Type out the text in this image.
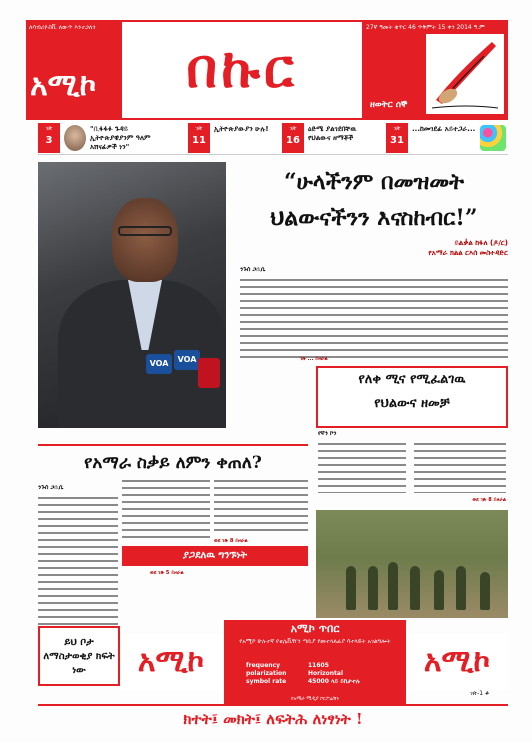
ለሳብሪዮስቪ ለውጥ እንተጋለን
አሚኮ	በኩር
27ኛ ዓመት ቁጥር 46 ጥቅምት 15 ቀን 2014 ዓ.ም
ዘወትር ሰኞ
ገጽ
3
"ቢፋፋፉ ጉዳይ ኢትዮጵያዊያንም ዓለም አሸናፊዎች ነን"
ገጽ
11
ኢትዮጵያውያን ሁሉ!	ገጽ
16
ዕድሜ ያልገደበቸዉ የህልውና ዘማቾች
ገጽ
31
...ከመገደፊ አይተጋራ...
VOA	VOA
“ሁላችንም በመዝመት
ህልውናችንን እናስከብር!”
ይልቃል ከፋለ (ዶ/ር)
የአማራ ክልል ርእሰ መስተዳድር
ንጉሰ ጋቢሴ
ገጽ ... ይዞራል
የለቀ ሚና የሚፈልገዉ
የህልውና ዘመቻ
የኛን ኮን
ወደ ገጽ 8 ይዞራል
የአማራ ስቃይ ለምን ቀጠለ?
ንጉሰ ጋቢሴ
ወደ ገጽ 8 ይዞራል
ያጋደለዉ ግንኙነት
ወደ ገጽ 5 ይዞራል
ይህ ቦታ ለማስታወቂያ ክፍት ነው	አሚኮ
አሚኮ ጥበር
የአሚኮ ሁሉተኛ የቴሌቪዥን ጣቢያ የመተላለፊያ ሳተላይት አገልግሎት
frequency	11605
polarization	Horizontal
symbol rate	45000 ላይ ይከታተሉ
የአማራ ሚዲያ ኮርፖሬሽን
አሚኮ
ገጽ-1 ቆ
ክተት፤ መክት፤ ለፍትሕ ለነፃነት !
